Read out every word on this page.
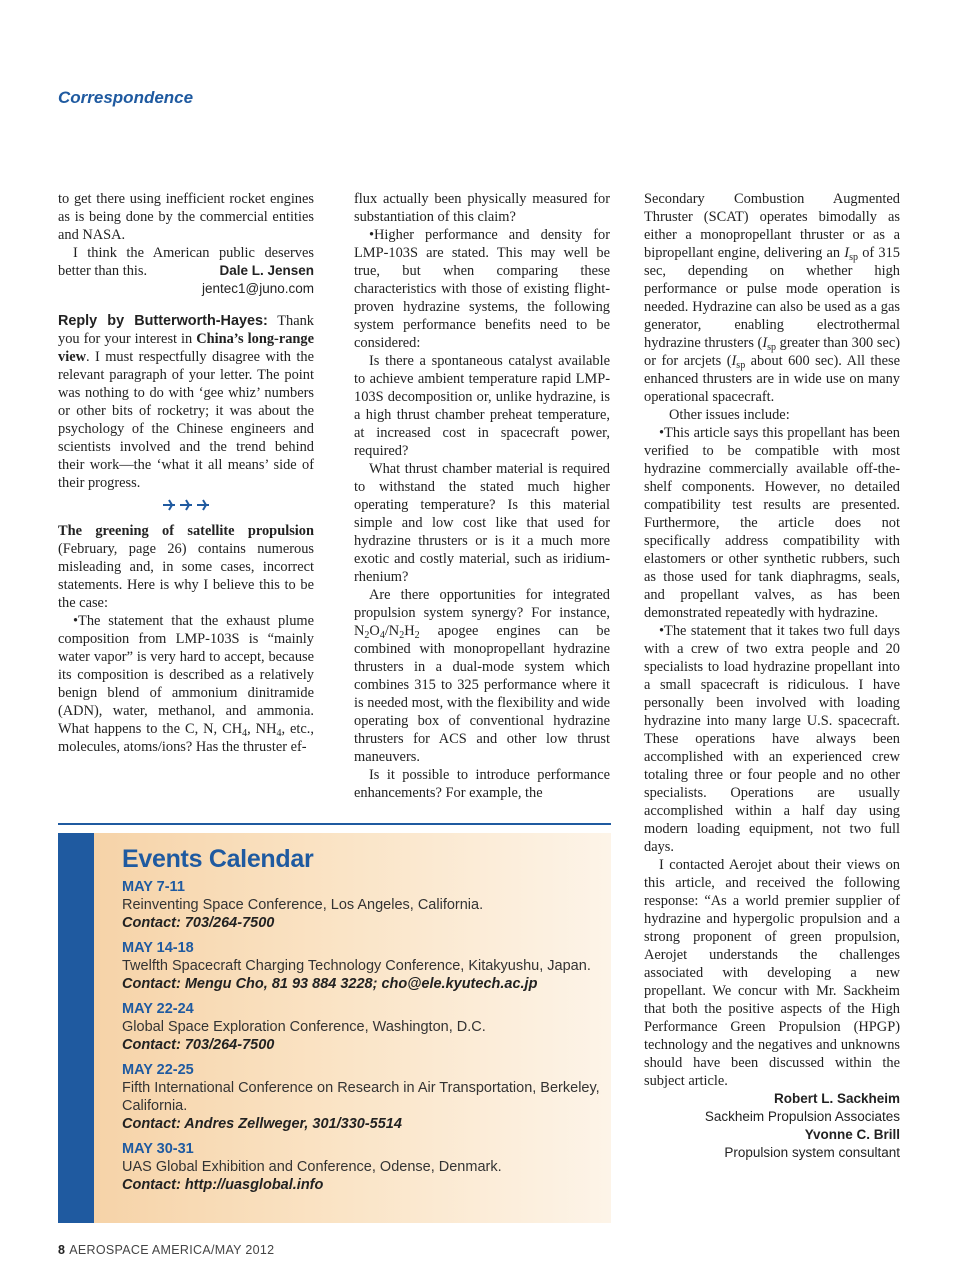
Correspondence

to get there using inefficient rocket engines as is being done by the commercial entities and NASA.

I think the American public deserves better than this.	Dale L. Jensen

jentec1@juno.com

Reply by Butterworth-Hayes: Thank you for your interest in China’s long-range view. I must respectfully disagree with the relevant paragraph of your letter. The point was nothing to do with ‘gee whiz’ numbers or other bits of rocketry; it was about the psychology of the Chinese engineers and scientists involved and the trend behind their work—the ‘what it all means’ side of their progress.

The greening of satellite propulsion (February, page 26) contains numerous misleading and, in some cases, incorrect statements. Here is why I believe this to be the case:

•The statement that the exhaust plume composition from LMP-103S is “mainly water vapor” is very hard to accept, because its composition is described as a relatively benign blend of ammonium dinitramide (ADN), water, methanol, and ammonia. What happens to the C, N, $CH_4$, $NH_4$, etc., molecules, atoms/ions? Has the thruster ef-

flux actually been physically measured for substantiation of this claim?

•Higher performance and density for LMP-103S are stated. This may well be true, but when comparing these characteristics with those of existing flight-proven hydrazine systems, the following system performance benefits need to be considered:

Is there a spontaneous catalyst available to achieve ambient temperature rapid LMP-103S decomposition or, unlike hydrazine, is a high thrust chamber preheat temperature, at increased cost in spacecraft power, required?

What thrust chamber material is required to withstand the stated much higher operating temperature? Is this material simple and low cost like that used for hydrazine thrusters or is it a much more exotic and costly material, such as iridium-rhenium?

Are there opportunities for integrated propulsion system synergy? For instance, $N_2O_4/N_2H_2$ apogee engines can be combined with monopropellant hydrazine thrusters in a dual-mode system which combines 315 to 325 performance where it is needed most, with the flexibility and wide operating box of conventional hydrazine thrusters for ACS and other low thrust maneuvers.

Is it possible to introduce performance enhancements? For example, the

Secondary Combustion Augmented Thruster (SCAT) operates bimodally as either a monopropellant thruster or as a bipropellant engine, delivering an $I_{sp}$ of 315 sec, depending on whether high performance or pulse mode operation is needed. Hydrazine can also be used as a gas generator, enabling electrothermal hydrazine thrusters ($I_{sp}$ greater than 300 sec) or for arcjets ($I_{sp}$ about 600 sec). All these enhanced thrusters are in wide use on many operational spacecraft.

Other issues include:

•This article says this propellant has been verified to be compatible with most hydrazine commercially available off-the-shelf components. However, no detailed compatibility test results are presented. Furthermore, the article does not specifically address compatibility with elastomers or other synthetic rubbers, such as those used for tank diaphragms, seals, and propellant valves, as has been demonstrated repeatedly with hydrazine.

•The statement that it takes two full days with a crew of two extra people and 20 specialists to load hydrazine propellant into a small spacecraft is ridiculous. I have personally been involved with loading hydrazine into many large U.S. spacecraft. These operations have always been accomplished with an experienced crew totaling three or four people and no other specialists. Operations are usually accomplished within a half day using modern loading equipment, not two full days.

I contacted Aerojet about their views on this article, and received the following response: “As a world premier supplier of hydrazine and hypergolic propulsion and a strong proponent of green propulsion, Aerojet understands the challenges associated with developing a new propellant. We concur with Mr. Sackheim that both the positive aspects of the High Performance Green Propulsion (HPGP) technology and the negatives and unknowns should have been discussed within the subject article.

Robert L. Sackheim
Sackheim Propulsion Associates
Yvonne C. Brill
Propulsion system consultant
Events Calendar
MAY 7-11
Reinventing Space Conference, Los Angeles, California.
Contact: 703/264-7500
MAY 14-18
Twelfth Spacecraft Charging Technology Conference, Kitakyushu, Japan.
Contact: Mengu Cho, 81 93 884 3228; cho@ele.kyutech.ac.jp
MAY 22-24
Global Space Exploration Conference, Washington, D.C.
Contact: 703/264-7500
MAY 22-25
Fifth International Conference on Research in Air Transportation, Berkeley, California.
Contact: Andres Zellweger, 301/330-5514
MAY 30-31
UAS Global Exhibition and Conference, Odense, Denmark.
Contact: http://uasglobal.info
8 AEROSPACE AMERICA/MAY 2012
